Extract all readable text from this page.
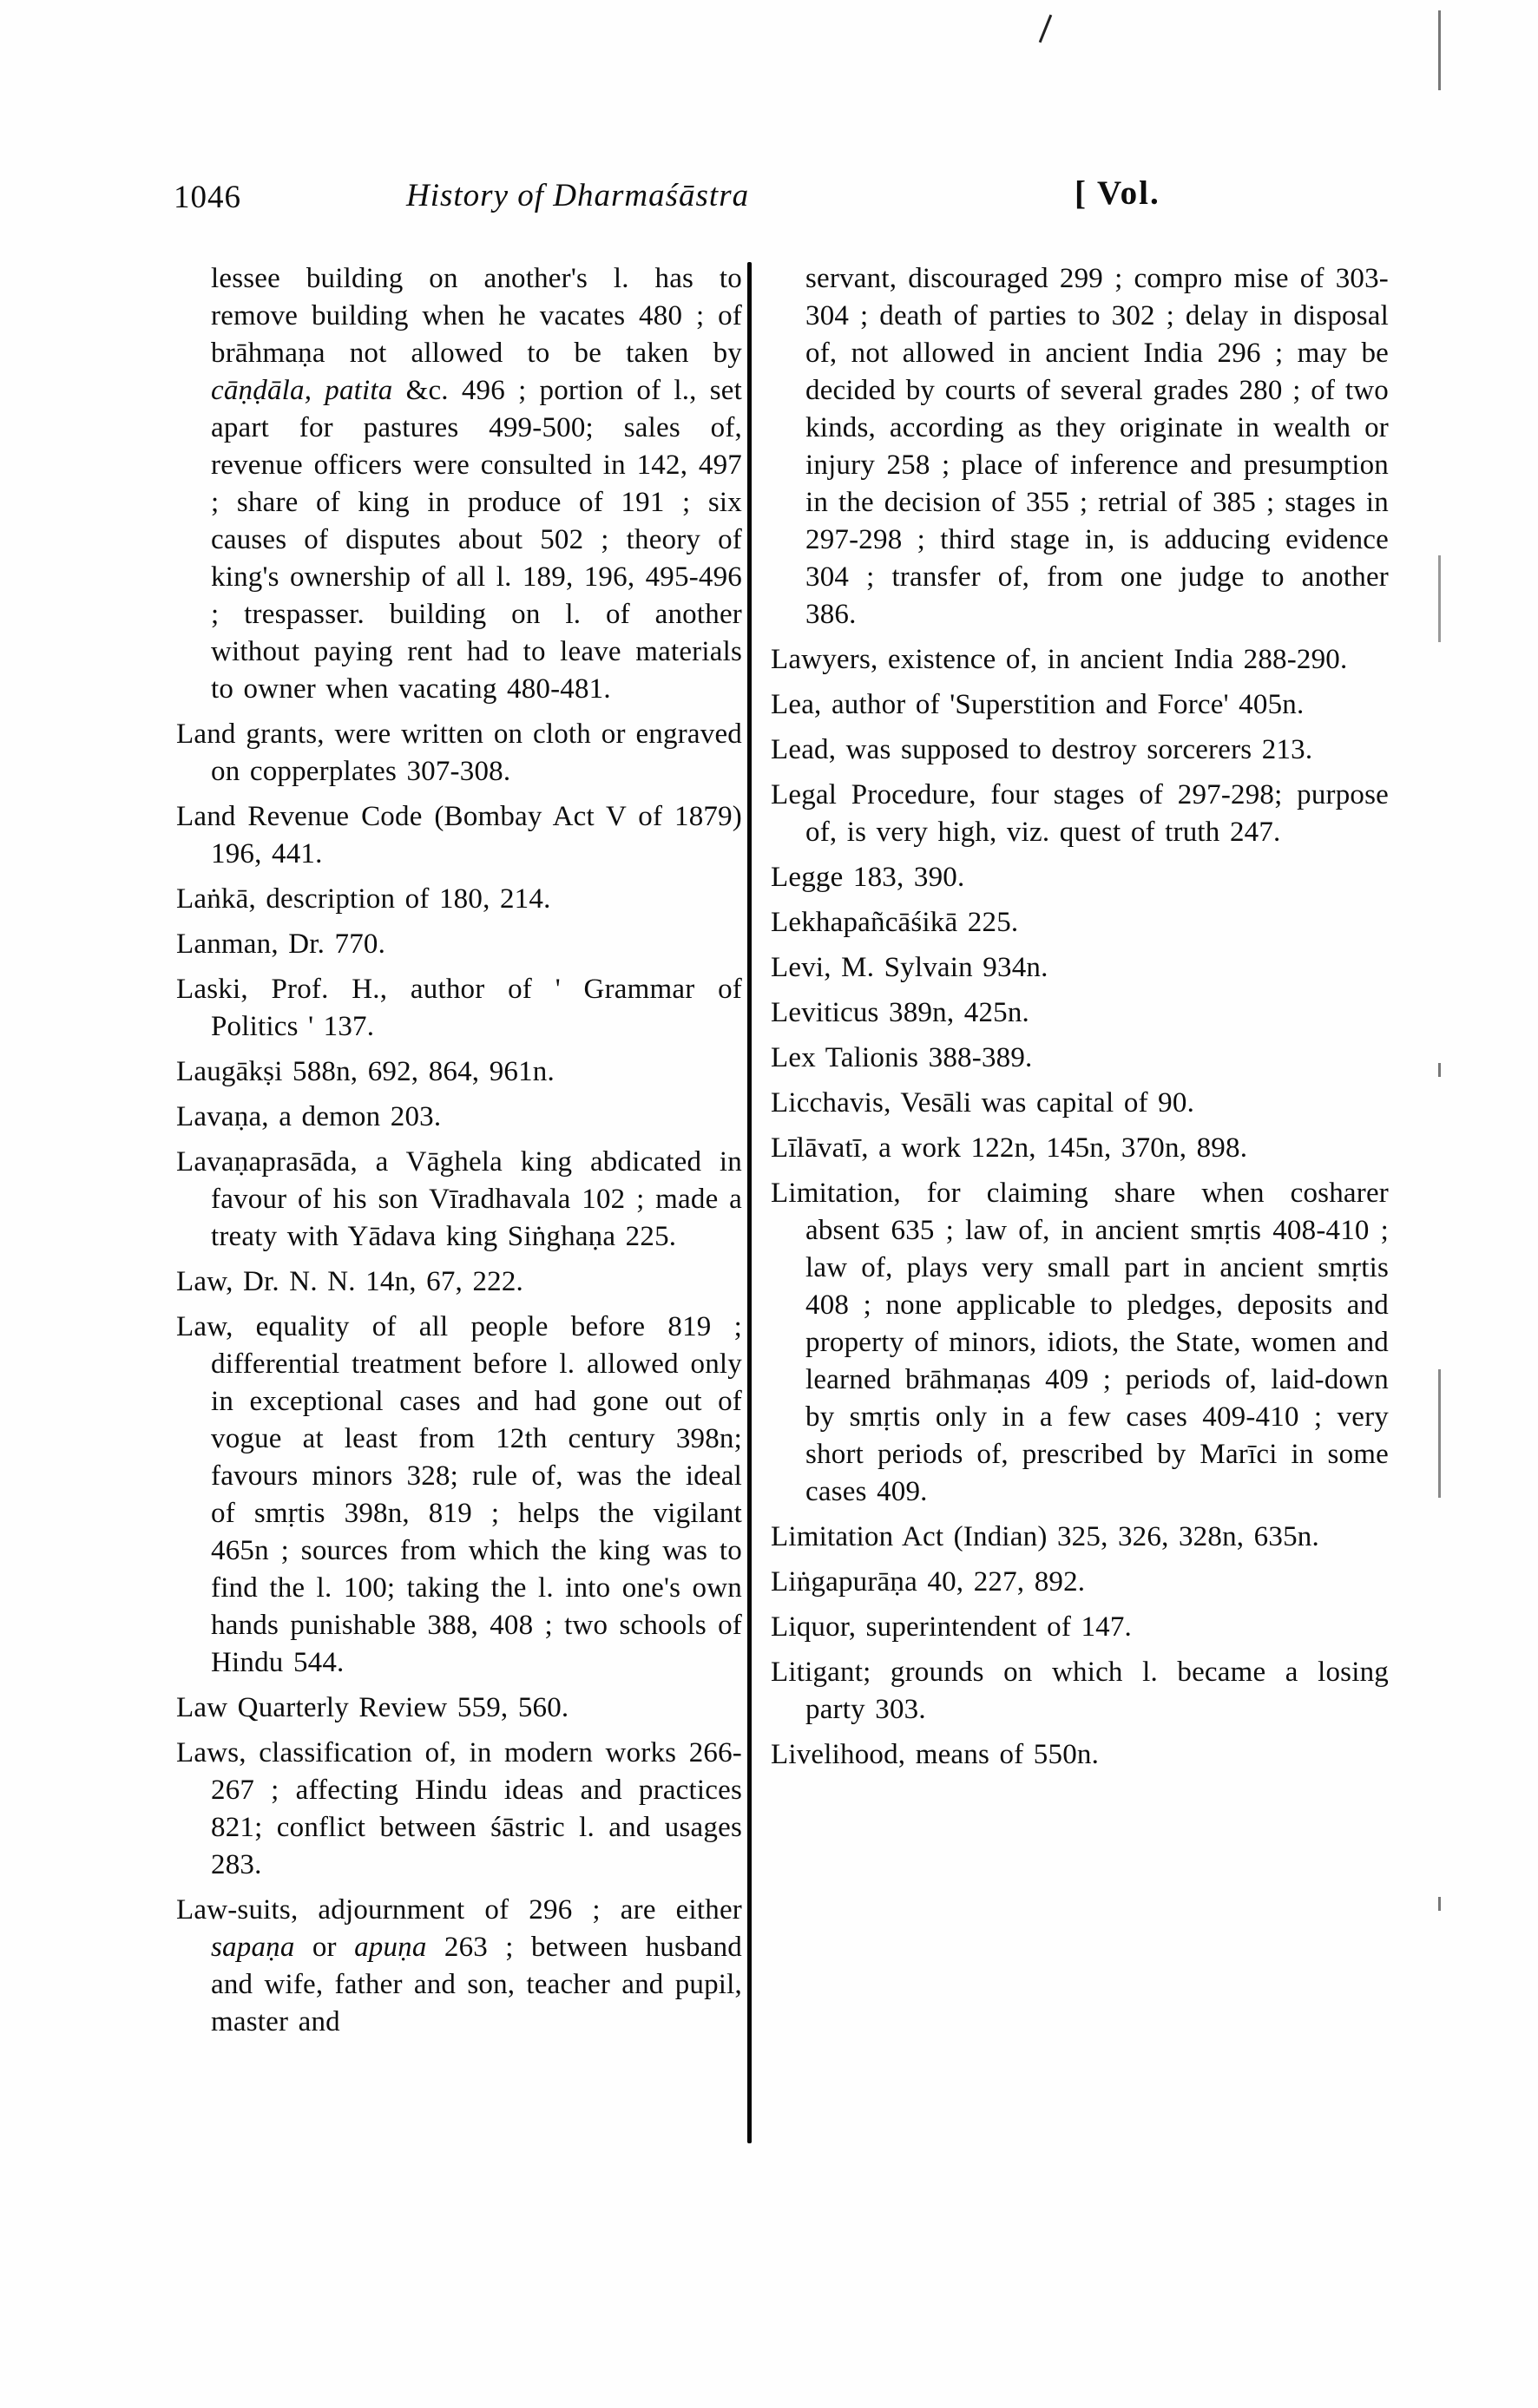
1046	History of Dharmaśāstra	[ Vol.

lessee building on another's l. has to remove building when he vacates 480 ; of brāhmaṇa not allowed to be taken by cāṇḍāla, patita &c. 496 ; portion of l., set apart for pastures 499-500; sales of, revenue officers were consulted in 142, 497 ; share of king in produce of 191 ; six causes of disputes about 502 ; theory of king's ownership of all l. 189, 196, 495-496 ; trespasser. building on l. of another without paying rent had to leave materials to owner when vacating 480-481.

Land grants, were written on cloth or engraved on copperplates 307-308.

Land Revenue Code (Bombay Act V of 1879) 196, 441.

Laṅkā, description of 180, 214.

Lanman, Dr. 770.

Laski, Prof. H., author of ' Grammar of Politics ' 137.

Laugākṣi 588n, 692, 864, 961n.

Lavaṇa, a demon 203.

Lavaṇaprasāda, a Vāghela king abdicated in favour of his son Vīradhavala 102 ; made a treaty with Yādava king Siṅghaṇa 225.

Law, Dr. N. N. 14n, 67, 222.

Law, equality of all people before 819 ; differential treatment before l. allowed only in exceptional cases and had gone out of vogue at least from 12th century 398n; favours minors 328; rule of, was the ideal of smṛtis 398n, 819 ; helps the vigilant 465n ; sources from which the king was to find the l. 100; taking the l. into one's own hands punishable 388, 408 ; two schools of Hindu 544.

Law Quarterly Review 559, 560.

Laws, classification of, in modern works 266-267 ; affecting Hindu ideas and practices 821; conflict between śāstric l. and usages 283.

Law-suits, adjournment of 296 ; are either sapaṇa or apuṇa 263 ; between husband and wife, father and son, teacher and pupil, master and

servant, discouraged 299 ; compro mise of 303-304 ; death of parties to 302 ; delay in disposal of, not allowed in ancient India 296 ; may be decided by courts of several grades 280 ; of two kinds, according as they originate in wealth or injury 258 ; place of inference and presumption in the decision of 355 ; retrial of 385 ; stages in 297-298 ; third stage in, is adducing evidence 304 ; transfer of, from one judge to another 386.

Lawyers, existence of, in ancient India 288-290.

Lea, author of 'Superstition and Force' 405n.

Lead, was supposed to destroy sorcerers 213.

Legal Procedure, four stages of 297-298; purpose of, is very high, viz. quest of truth 247.

Legge 183, 390.

Lekhapañcāśikā 225.

Levi, M. Sylvain 934n.

Leviticus 389n, 425n.

Lex Talionis 388-389.

Licchavis, Vesāli was capital of 90.

Līlāvatī, a work 122n, 145n, 370n, 898.

Limitation, for claiming share when cosharer absent 635 ; law of, in ancient smṛtis 408-410 ; law of, plays very small part in ancient smṛtis 408 ; none applicable to pledges, deposits and property of minors, idiots, the State, women and learned brāhmaṇas 409 ; periods of, laid-down by smṛtis only in a few cases 409-410 ; very short periods of, prescribed by Marīci in some cases 409.

Limitation Act (Indian) 325, 326, 328n, 635n.

Liṅgapurāṇa 40, 227, 892.

Liquor, superintendent of 147.

Litigant; grounds on which l. became a losing party 303.

Livelihood, means of 550n.
